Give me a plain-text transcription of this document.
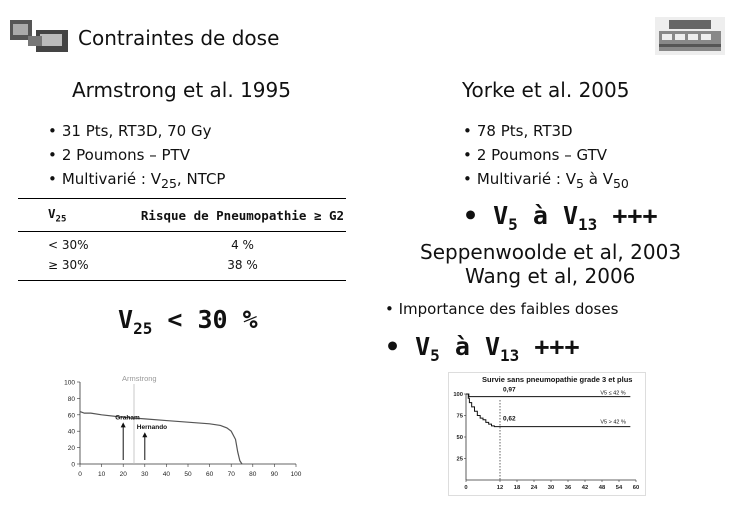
Contraintes de dose
Armstrong et al. 1995
• 31 Pts, RT3D, 70 Gy
• 2 Poumons – PTV
• Multivarié : $V_{25}$, NTCP
$V_{25}$	Risque de Pneumopathie ≥ G2
< 30%	4 %
≥ 30%	38 %
$V_{25} < 30$ %
Armstrong
0
20
40
60
80
100
0 10 20 30 40 50 60 70 80 90 100
Graham
Hernando
Yorke et al. 2005
• 78 Pts, RT3D
• 2 Poumons – GTV
• Multivarié : $V_5$ à $V_{50}$
• $V_5$ à $V_{13}$ +++
Seppenwoolde et al, 2003
Wang et al, 2006
• Importance des faibles doses
• $V_5$ à $V_{13}$ +++
Survie sans pneumopathie grade 3 et plus
25
50
75
100
0	12 18 24 30 36 42 48 54 60
V5 ≤ 42 %
V5 > 42 %
0,97
0,62
